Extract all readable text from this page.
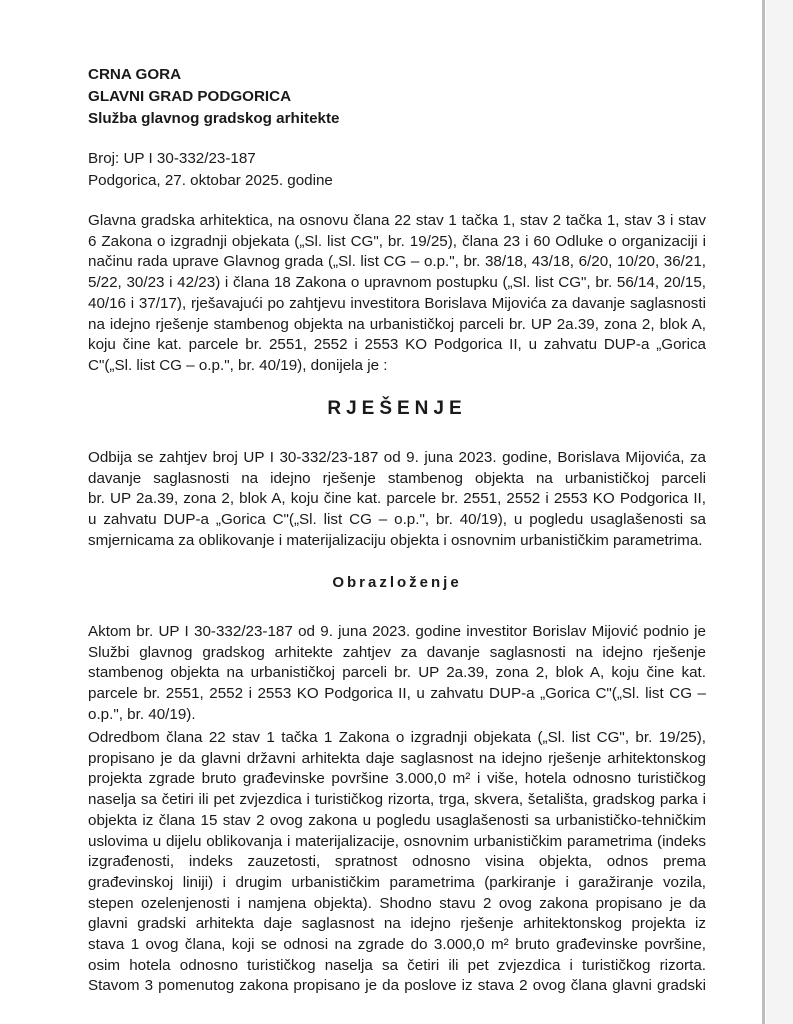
CRNA GORA
GLAVNI GRAD PODGORICA
Služba glavnog gradskog arhitekte
Broj: UP I 30-332/23-187
Podgorica, 27. oktobar 2025. godine
Glavna gradska arhitektica, na osnovu člana 22 stav 1 tačka 1, stav 2 tačka 1, stav 3 i stav
6 Zakona o izgradnji objekata („Sl. list CG", br. 19/25), člana 23 i 60 Odluke o organizaciji i
načinu rada uprave Glavnog grada („Sl. list CG – o.p.", br. 38/18, 43/18, 6/20, 10/20, 36/21,
5/22, 30/23 i 42/23) i člana 18 Zakona o upravnom postupku („Sl. list CG", br. 56/14, 20/15,
40/16 i 37/17), rješavajući po zahtjevu investitora Borislava Mijovića za davanje saglasnosti
na idejno rješenje stambenog objekta na urbanističkoj parceli br. UP 2a.39, zona 2, blok A,
koju čine kat. parcele br. 2551, 2552 i 2553 KO Podgorica II, u zahvatu DUP-a „Gorica
C"(„Sl. list CG – o.p.", br. 40/19), donijela je :
RJEŠENJE
Odbija se zahtjev broj UP I 30-332/23-187 od 9. juna 2023. godine, Borislava Mijovića, za
davanje saglasnosti na idejno rješenje stambenog objekta na urbanističkoj parceli
br. UP 2a.39, zona 2, blok A, koju čine kat. parcele br. 2551, 2552 i 2553 KO Podgorica II,
u zahvatu DUP-a „Gorica C"(„Sl. list CG – o.p.", br. 40/19), u pogledu usaglašenosti sa
smjernicama za oblikovanje i materijalizaciju objekta i osnovnim urbanističkim parametrima.
Obrazloženje
Aktom br. UP I 30-332/23-187 od 9. juna 2023. godine investitor Borislav Mijović podnio je
Službi glavnog gradskog arhitekte zahtjev za davanje saglasnosti na idejno rješenje
stambenog objekta na urbanističkoj parceli br. UP 2a.39, zona 2, blok A, koju čine kat.
parcele br. 2551, 2552 i 2553 KO Podgorica II, u zahvatu DUP-a „Gorica C"(„Sl. list CG –
o.p.", br. 40/19).
Odredbom člana 22 stav 1 tačka 1 Zakona o izgradnji objekata („Sl. list CG", br. 19/25),
propisano je da glavni državni arhitekta daje saglasnost na idejno rješenje arhitektonskog
projekta zgrade bruto građevinske površine 3.000,0 m² i više, hotela odnosno turističkog
naselja sa četiri ili pet zvjezdica i turističkog rizorta, trga, skvera, šetališta, gradskog parka i
objekta iz člana 15 stav 2 ovog zakona u pogledu usaglašenosti sa urbanističko-tehničkim
uslovima u dijelu oblikovanja i materijalizacije, osnovnim urbanističkim parametrima (indeks
izgrađenosti, indeks zauzetosti, spratnost odnosno visina objekta, odnos prema
građevinskoj liniji) i drugim urbanističkim parametrima (parkiranje i garažiranje vozila,
stepen ozelenjenosti i namjena objekta). Shodno stavu 2 ovog zakona propisano je da
glavni gradski arhitekta daje saglasnost na idejno rješenje arhitektonskog projekta iz
stava 1 ovog člana, koji se odnosi na zgrade do 3.000,0 m² bruto građevinske površine,
osim hotela odnosno turističkog naselja sa četiri ili pet zvjezdica i turističkog rizorta.
Stavom 3 pomenutog zakona propisano je da poslove iz stava 2 ovog člana glavni gradski
